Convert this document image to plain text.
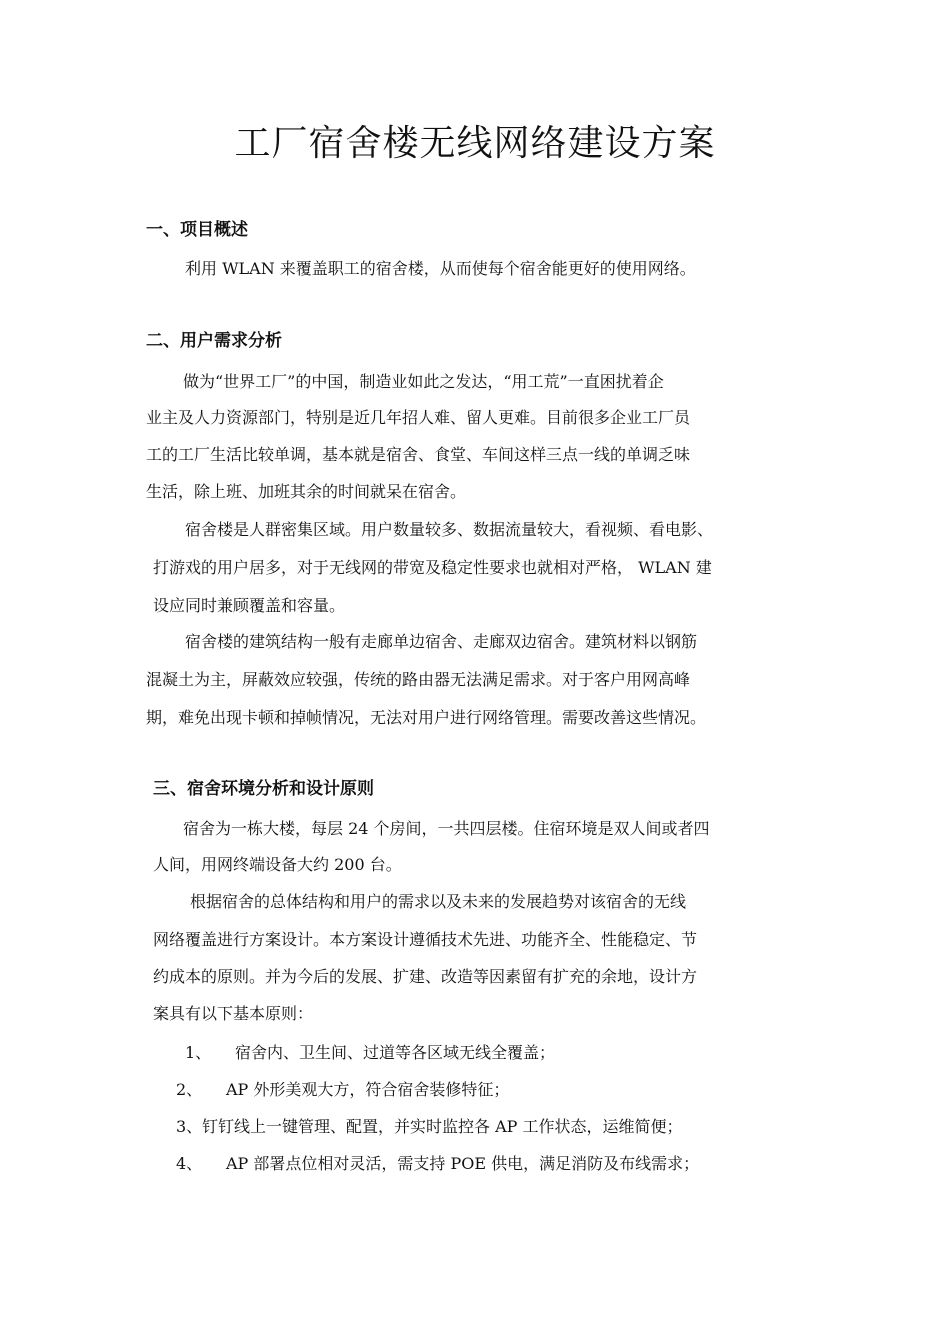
工厂宿舍楼无线网络建设方案
一、项目概述
利用 WLAN 来覆盖职工的宿舍楼，从而使每个宿舍能更好的使用网络。
二、用户需求分析
做为“世界工厂”的中国，制造业如此之发达，“用工荒”一直困扰着企
业主及人力资源部门，特别是近几年招人难、留人更难。目前很多企业工厂员
工的工厂生活比较单调，基本就是宿舍、食堂、车间这样三点一线的单调乏味
生活，除上班、加班其余的时间就呆在宿舍。
宿舍楼是人群密集区域。用户数量较多、数据流量较大，看视频、看电影、
打游戏的用户居多，对于无线网的带宽及稳定性要求也就相对严格， WLAN 建
设应同时兼顾覆盖和容量。
宿舍楼的建筑结构一般有走廊单边宿舍、走廊双边宿舍。建筑材料以钢筋
混凝土为主，屏蔽效应较强，传统的路由器无法满足需求。对于客户用网高峰
期，难免出现卡顿和掉帧情况，无法对用户进行网络管理。需要改善这些情况。
三、宿舍环境分析和设计原则
宿舍为一栋大楼，每层 24 个房间，一共四层楼。住宿环境是双人间或者四
人间，用网终端设备大约 200 台。
根据宿舍的总体结构和用户的需求以及未来的发展趋势对该宿舍的无线
网络覆盖进行方案设计。本方案设计遵循技术先进、功能齐全、性能稳定、节
约成本的原则。并为今后的发展、扩建、改造等因素留有扩充的余地，设计方
案具有以下基本原则：
1、 宿舍内、卫生间、过道等各区域无线全覆盖；
2、 AP 外形美观大方，符合宿舍装修特征；
3、钉钉线上一键管理、配置，并实时监控各 AP 工作状态，运维简便；
4、 AP 部署点位相对灵活，需支持 POE 供电，满足消防及布线需求；
